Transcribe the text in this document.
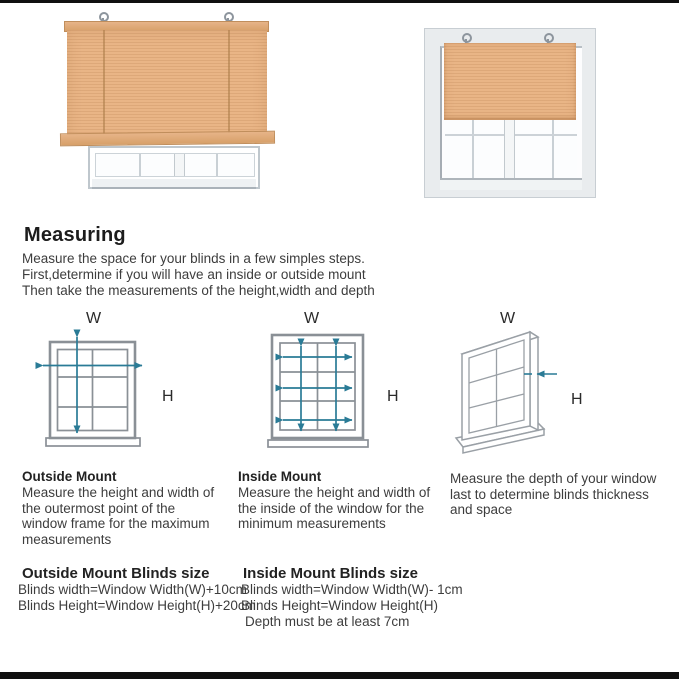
Measuring
Measure the space for your blinds in a few simples steps.
First,determine if you will have an inside or outside mount
Then take the measurements of the height,width and depth
W
H
W
H
W
H
Outside Mount
Measure the height and width of the outermost point of the window frame for the maximum measurements
Inside Mount
Measure the height and width of the inside of the window for the minimum measurements
Measure the depth of your window last to determine blinds thickness and space
Outside Mount Blinds size
Blinds width=Window Width(W)+10cm
Blinds Height=Window Height(H)+20cm
Inside Mount Blinds size
Blinds width=Window Width(W)- 1cm
Blinds Height=Window Height(H)
Depth must be at least 7cm
